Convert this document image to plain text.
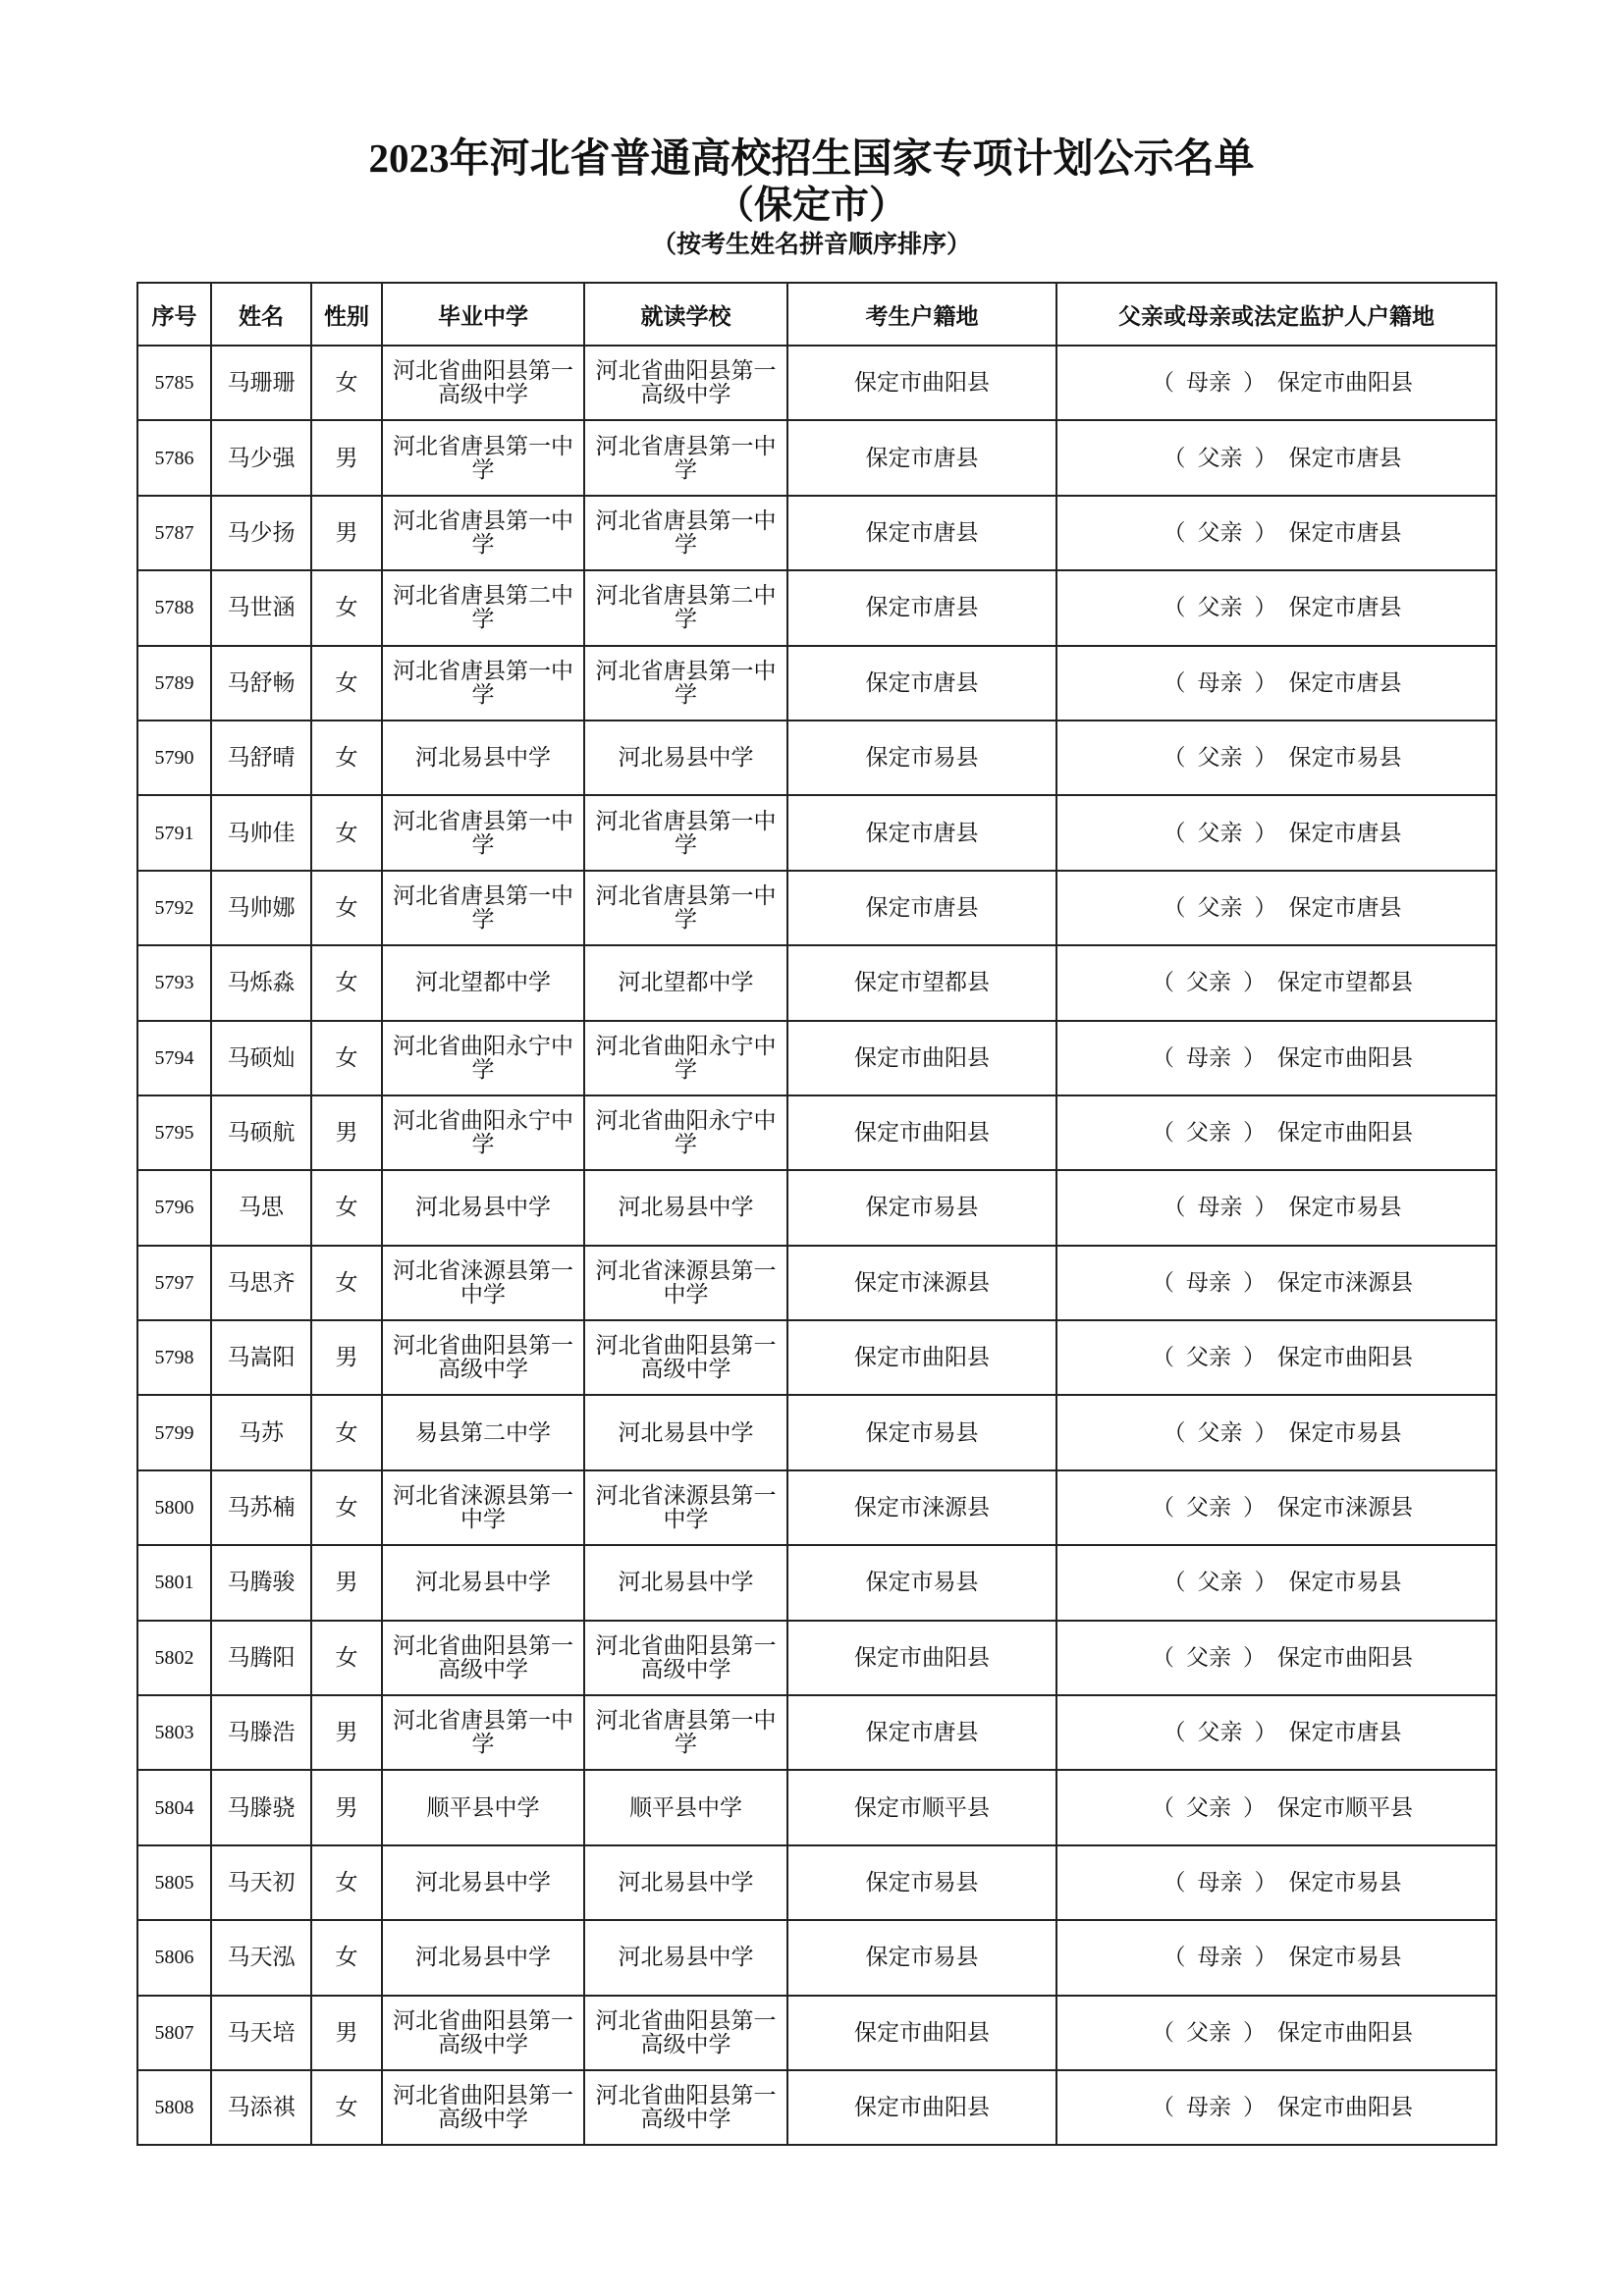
2023年河北省普通高校招生国家专项计划公示名单
（保定市）
（按考生姓名拼音顺序排序）
序号	姓名	性别	毕业中学	就读学校	考生户籍地	父亲或母亲或法定监护人户籍地
5785	马珊珊	女	河北省曲阳县第一高级中学	河北省曲阳县第一高级中学	保定市曲阳县	（ 母亲 ） 保定市曲阳县
5786	马少强	男	河北省唐县第一中学	河北省唐县第一中学	保定市唐县	（ 父亲 ） 保定市唐县
5787	马少扬	男	河北省唐县第一中学	河北省唐县第一中学	保定市唐县	（ 父亲 ） 保定市唐县
5788	马世涵	女	河北省唐县第二中学	河北省唐县第二中学	保定市唐县	（ 父亲 ） 保定市唐县
5789	马舒畅	女	河北省唐县第一中学	河北省唐县第一中学	保定市唐县	（ 母亲 ） 保定市唐县
5790	马舒晴	女	河北易县中学	河北易县中学	保定市易县	（ 父亲 ） 保定市易县
5791	马帅佳	女	河北省唐县第一中学	河北省唐县第一中学	保定市唐县	（ 父亲 ） 保定市唐县
5792	马帅娜	女	河北省唐县第一中学	河北省唐县第一中学	保定市唐县	（ 父亲 ） 保定市唐县
5793	马烁淼	女	河北望都中学	河北望都中学	保定市望都县	（ 父亲 ） 保定市望都县
5794	马硕灿	女	河北省曲阳永宁中学	河北省曲阳永宁中学	保定市曲阳县	（ 母亲 ） 保定市曲阳县
5795	马硕航	男	河北省曲阳永宁中学	河北省曲阳永宁中学	保定市曲阳县	（ 父亲 ） 保定市曲阳县
5796	马思	女	河北易县中学	河北易县中学	保定市易县	（ 母亲 ） 保定市易县
5797	马思齐	女	河北省涞源县第一中学	河北省涞源县第一中学	保定市涞源县	（ 母亲 ） 保定市涞源县
5798	马嵩阳	男	河北省曲阳县第一高级中学	河北省曲阳县第一高级中学	保定市曲阳县	（ 父亲 ） 保定市曲阳县
5799	马苏	女	易县第二中学	河北易县中学	保定市易县	（ 父亲 ） 保定市易县
5800	马苏楠	女	河北省涞源县第一中学	河北省涞源县第一中学	保定市涞源县	（ 父亲 ） 保定市涞源县
5801	马腾骏	男	河北易县中学	河北易县中学	保定市易县	（ 父亲 ） 保定市易县
5802	马腾阳	女	河北省曲阳县第一高级中学	河北省曲阳县第一高级中学	保定市曲阳县	（ 父亲 ） 保定市曲阳县
5803	马滕浩	男	河北省唐县第一中学	河北省唐县第一中学	保定市唐县	（ 父亲 ） 保定市唐县
5804	马滕骁	男	顺平县中学	顺平县中学	保定市顺平县	（ 父亲 ） 保定市顺平县
5805	马天初	女	河北易县中学	河北易县中学	保定市易县	（ 母亲 ） 保定市易县
5806	马天泓	女	河北易县中学	河北易县中学	保定市易县	（ 母亲 ） 保定市易县
5807	马天培	男	河北省曲阳县第一高级中学	河北省曲阳县第一高级中学	保定市曲阳县	（ 父亲 ） 保定市曲阳县
5808	马添祺	女	河北省曲阳县第一高级中学	河北省曲阳县第一高级中学	保定市曲阳县	（ 母亲 ） 保定市曲阳县
